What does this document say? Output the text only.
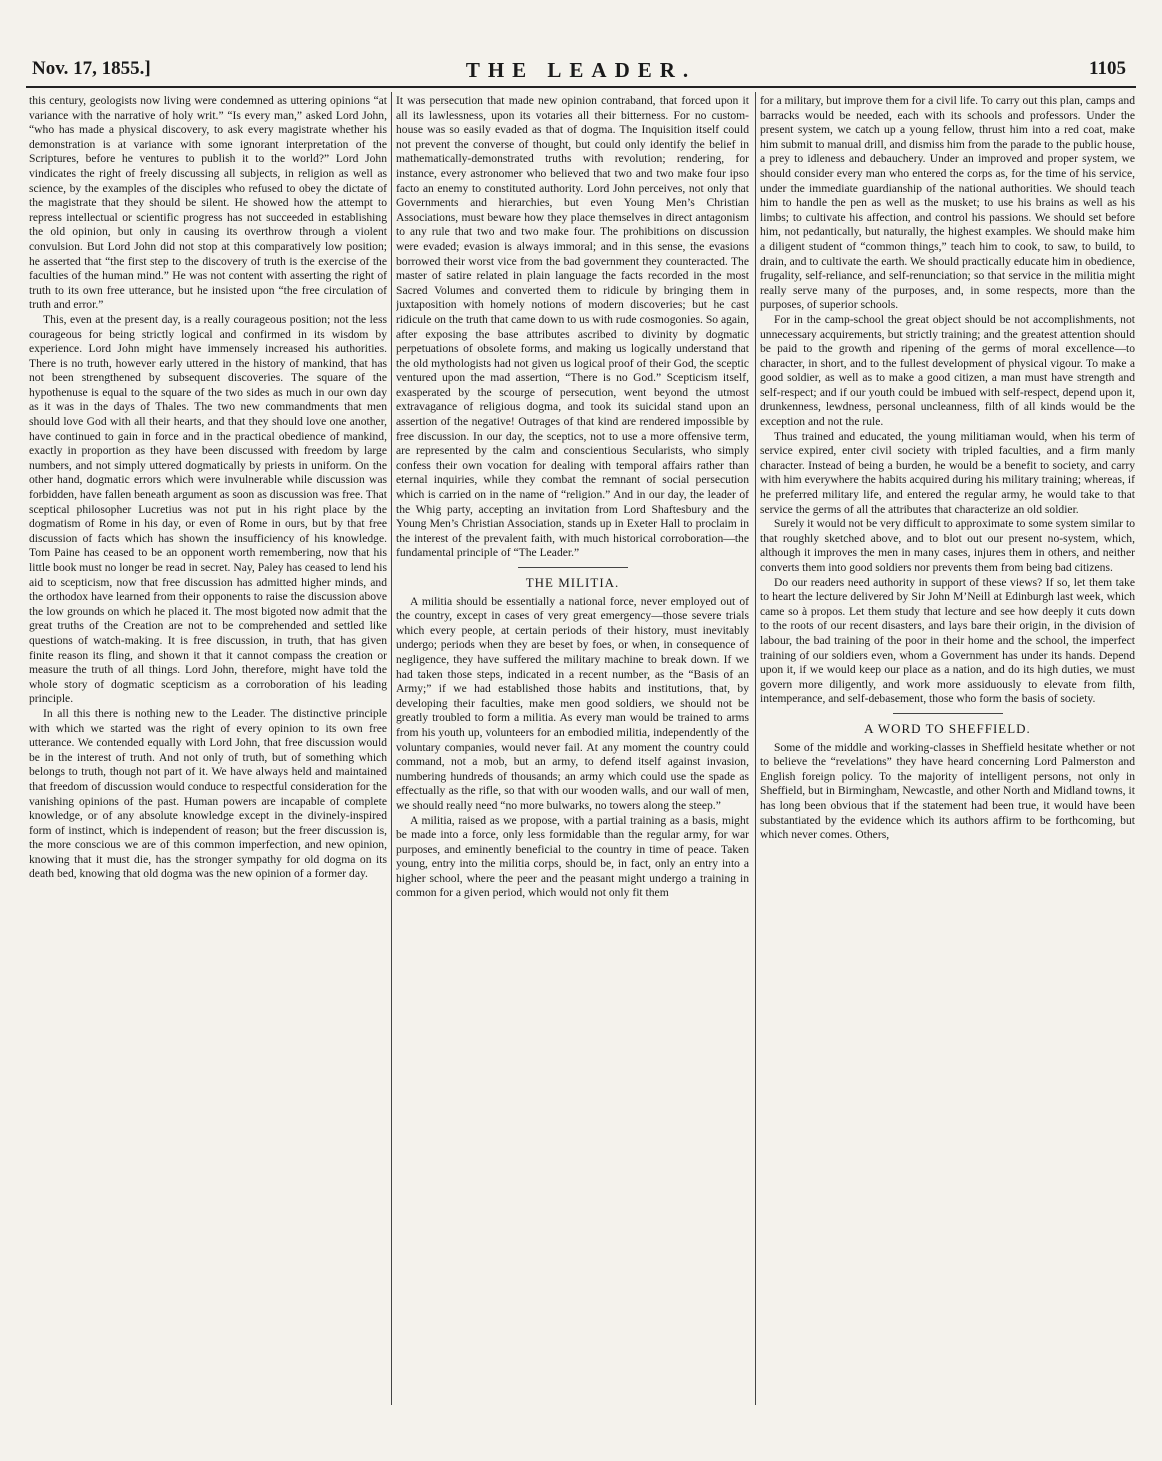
Nov. 17, 1855.]	THE LEADER.	1105

this century, geologists now living were condemned as uttering opinions “at variance with the narrative of holy writ.” “Is every man,” asked Lord John, “who has made a physical discovery, to ask every magistrate whether his demonstration is at variance with some ignorant interpretation of the Scriptures, before he ventures to publish it to the world?” Lord John vindicates the right of freely discussing all subjects, in religion as well as science, by the examples of the disciples who refused to obey the dictate of the magistrate that they should be silent. He showed how the attempt to repress intellectual or scientific progress has not succeeded in establishing the old opinion, but only in causing its overthrow through a violent convulsion. But Lord John did not stop at this comparatively low position; he asserted that “the first step to the discovery of truth is the exercise of the faculties of the human mind.” He was not content with asserting the right of truth to its own free utterance, but he insisted upon “the free circulation of truth and error.”

This, even at the present day, is a really courageous position; not the less courageous for being strictly logical and confirmed in its wisdom by experience. Lord John might have immensely increased his authorities. There is no truth, however early uttered in the history of mankind, that has not been strengthened by subsequent discoveries. The square of the hypothenuse is equal to the square of the two sides as much in our own day as it was in the days of Thales. The two new commandments that men should love God with all their hearts, and that they should love one another, have continued to gain in force and in the practical obedience of mankind, exactly in proportion as they have been discussed with freedom by large numbers, and not simply uttered dogmatically by priests in uniform. On the other hand, dogmatic errors which were invulnerable while discussion was forbidden, have fallen beneath argument as soon as discussion was free. That sceptical philosopher Lucretius was not put in his right place by the dogmatism of Rome in his day, or even of Rome in ours, but by that free discussion of facts which has shown the insufficiency of his knowledge. Tom Paine has ceased to be an opponent worth remembering, now that his little book must no longer be read in secret. Nay, Paley has ceased to lend his aid to scepticism, now that free discussion has admitted higher minds, and the orthodox have learned from their opponents to raise the discussion above the low grounds on which he placed it. The most bigoted now admit that the great truths of the Creation are not to be comprehended and settled like questions of watch-making. It is free discussion, in truth, that has given finite reason its fling, and shown it that it cannot compass the creation or measure the truth of all things. Lord John, therefore, might have told the whole story of dogmatic scepticism as a corroboration of his leading principle.

In all this there is nothing new to the Leader. The distinctive principle with which we started was the right of every opinion to its own free utterance. We contended equally with Lord John, that free discussion would be in the interest of truth. And not only of truth, but of something which belongs to truth, though not part of it. We have always held and maintained that freedom of discussion would conduce to respectful consideration for the vanishing opinions of the past. Human powers are incapable of complete knowledge, or of any absolute knowledge except in the divinely-inspired form of instinct, which is independent of reason; but the freer discussion is, the more conscious we are of this common imperfection, and new opinion, knowing that it must die, has the stronger sympathy for old dogma on its death bed, knowing that old dogma was the new opinion of a former day.

It was persecution that made new opinion contraband, that forced upon it all its lawlessness, upon its votaries all their bitterness. For no custom-house was so easily evaded as that of dogma. The Inquisition itself could not prevent the converse of thought, but could only identify the belief in mathematically-demonstrated truths with revolution; rendering, for instance, every astronomer who believed that two and two make four ipso facto an enemy to constituted authority. Lord John perceives, not only that Governments and hierarchies, but even Young Men’s Christian Associations, must beware how they place themselves in direct antagonism to any rule that two and two make four. The prohibitions on discussion were evaded; evasion is always immoral; and in this sense, the evasions borrowed their worst vice from the bad government they counteracted. The master of satire related in plain language the facts recorded in the most Sacred Volumes and converted them to ridicule by bringing them in juxtaposition with homely notions of modern discoveries; but he cast ridicule on the truth that came down to us with rude cosmogonies. So again, after exposing the base attributes ascribed to divinity by dogmatic perpetuations of obsolete forms, and making us logically understand that the old mythologists had not given us logical proof of their God, the sceptic ventured upon the mad assertion, “There is no God.” Scepticism itself, exasperated by the scourge of persecution, went beyond the utmost extravagance of religious dogma, and took its suicidal stand upon an assertion of the negative! Outrages of that kind are rendered impossible by free discussion. In our day, the sceptics, not to use a more offensive term, are represented by the calm and conscientious Secularists, who simply confess their own vocation for dealing with temporal affairs rather than eternal inquiries, while they combat the remnant of social persecution which is carried on in the name of “religion.” And in our day, the leader of the Whig party, accepting an invitation from Lord Shaftesbury and the Young Men’s Christian Association, stands up in Exeter Hall to proclaim in the interest of the prevalent faith, with much historical corroboration—the fundamental principle of “The Leader.”

THE MILITIA.

A militia should be essentially a national force, never employed out of the country, except in cases of very great emergency—those severe trials which every people, at certain periods of their history, must inevitably undergo; periods when they are beset by foes, or when, in consequence of negligence, they have suffered the military machine to break down. If we had taken those steps, indicated in a recent number, as the “Basis of an Army;” if we had established those habits and institutions, that, by developing their faculties, make men good soldiers, we should not be greatly troubled to form a militia. As every man would be trained to arms from his youth up, volunteers for an embodied militia, independently of the voluntary companies, would never fail. At any moment the country could command, not a mob, but an army, to defend itself against invasion, numbering hundreds of thousands; an army which could use the spade as effectually as the rifle, so that with our wooden walls, and our wall of men, we should really need “no more bulwarks, no towers along the steep.”

A militia, raised as we propose, with a partial training as a basis, might be made into a force, only less formidable than the regular army, for war purposes, and eminently beneficial to the country in time of peace. Taken young, entry into the militia corps, should be, in fact, only an entry into a higher school, where the peer and the peasant might undergo a training in common for a given period, which would not only fit them

for a military, but improve them for a civil life. To carry out this plan, camps and barracks would be needed, each with its schools and professors. Under the present system, we catch up a young fellow, thrust him into a red coat, make him submit to manual drill, and dismiss him from the parade to the public house, a prey to idleness and debauchery. Under an improved and proper system, we should consider every man who entered the corps as, for the time of his service, under the immediate guardianship of the national authorities. We should teach him to handle the pen as well as the musket; to use his brains as well as his limbs; to cultivate his affection, and control his passions. We should set before him, not pedantically, but naturally, the highest examples. We should make him a diligent student of “common things,” teach him to cook, to saw, to build, to drain, and to cultivate the earth. We should practically educate him in obedience, frugality, self-reliance, and self-renunciation; so that service in the militia might really serve many of the purposes, and, in some respects, more than the purposes, of superior schools.

For in the camp-school the great object should be not accomplishments, not unnecessary acquirements, but strictly training; and the greatest attention should be paid to the growth and ripening of the germs of moral excellence—to character, in short, and to the fullest development of physical vigour. To make a good soldier, as well as to make a good citizen, a man must have strength and self-respect; and if our youth could be imbued with self-respect, depend upon it, drunkenness, lewdness, personal uncleanness, filth of all kinds would be the exception and not the rule.

Thus trained and educated, the young militiaman would, when his term of service expired, enter civil society with tripled faculties, and a firm manly character. Instead of being a burden, he would be a benefit to society, and carry with him everywhere the habits acquired during his military training; whereas, if he preferred military life, and entered the regular army, he would take to that service the germs of all the attributes that characterize an old soldier.

Surely it would not be very difficult to approximate to some system similar to that roughly sketched above, and to blot out our present no-system, which, although it improves the men in many cases, injures them in others, and neither converts them into good soldiers nor prevents them from being bad citizens.

Do our readers need authority in support of these views? If so, let them take to heart the lecture delivered by Sir John M’Neill at Edinburgh last week, which came so à propos. Let them study that lecture and see how deeply it cuts down to the roots of our recent disasters, and lays bare their origin, in the division of labour, the bad training of the poor in their home and the school, the imperfect training of our soldiers even, whom a Government has under its hands. Depend upon it, if we would keep our place as a nation, and do its high duties, we must govern more diligently, and work more assiduously to elevate from filth, intemperance, and self-debasement, those who form the basis of society.

A WORD TO SHEFFIELD.

Some of the middle and working-classes in Sheffield hesitate whether or not to believe the “revelations” they have heard concerning Lord Palmerston and English foreign policy. To the majority of intelligent persons, not only in Sheffield, but in Birmingham, Newcastle, and other North and Midland towns, it has long been obvious that if the statement had been true, it would have been substantiated by the evidence which its authors affirm to be forthcoming, but which never comes. Others,
